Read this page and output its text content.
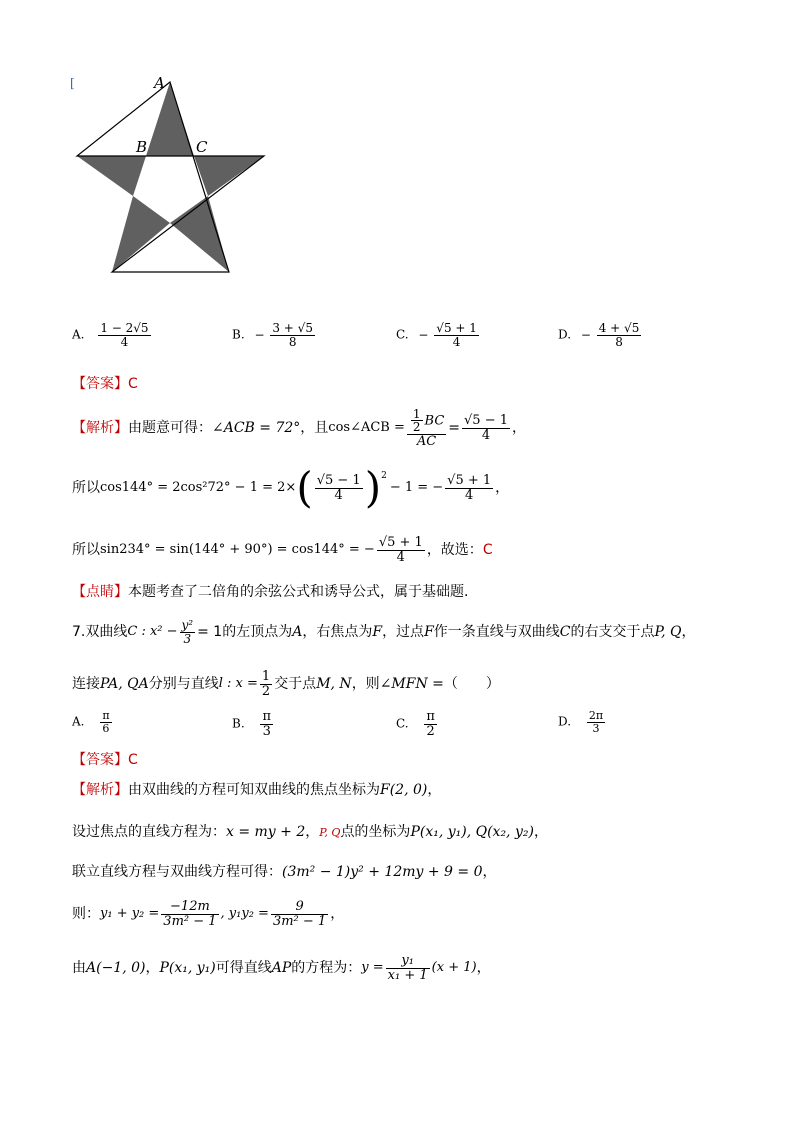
[	A
B	C
A. $\frac{1 - 2√5}{4}$	B. − $\frac{3 + √5}{8}$	C. − $\frac{√5 + 1}{4}$	D. − $\frac{4 + √5}{8}$
【答案】C
【解析】 由题意可得： ∠ACB = 72° ，且 cos∠ACB = $\frac{\frac{1}{2} BC}{AC} = \frac{√5 - 1}{4}$ ，
所以 cos144° = 2cos²72° − 1 = 2× ( $\frac{√5 - 1}{4} )^2$
− 1 = − $\frac{√5 + 1}{4}$ ，
所以 sin234° = sin(144° + 90°) = cos144° = − $\frac{√5 + 1}{4}$ ，故选： C
【点睛】本题考查了二倍角的余弦公式和诱导公式，属于基础题.
7. 双曲线 C : $x^2 - \frac{\text{y²}}{3} = 1$的左顶点为 A ，右焦点为 F ，过点 F 作一条直线与双曲线 C 的右支交于点 P, Q ，
连接 PA, QA 分别与直线 l : $x = \frac{1}{2}$ 交于点 M, N ，则 ∠MFN = （　　）
A. $\frac{\pi}{6}$	B. $\frac{\pi}{3}$	C. $\frac{\pi}{2}$	D. $\frac{2\pi}{3}$
【答案】C
【解析】由双曲线的方程可知双曲线的焦点坐标为F(2, 0)，
设过焦点的直线方程为：x = my + 2，P, Q点的坐标为P(x₁, y₁), Q(x₂, y₂)，
联立直线方程与双曲线方程可得：(3m² − 1)y² + 12my + 9 = 0，
则： $y_1 + y_2 = \frac{-12m}{\text{3m² − 1}}$ , $y_1y_2 = \frac{9}{\text{3m² − 1}}$ ，
由 A(−1, 0) ， P(x₁, y₁) 可得直线 AP 的方程为： $y = \frac{\text{y₁}}{\text{x₁ + 1}} (x + 1)$ ，
